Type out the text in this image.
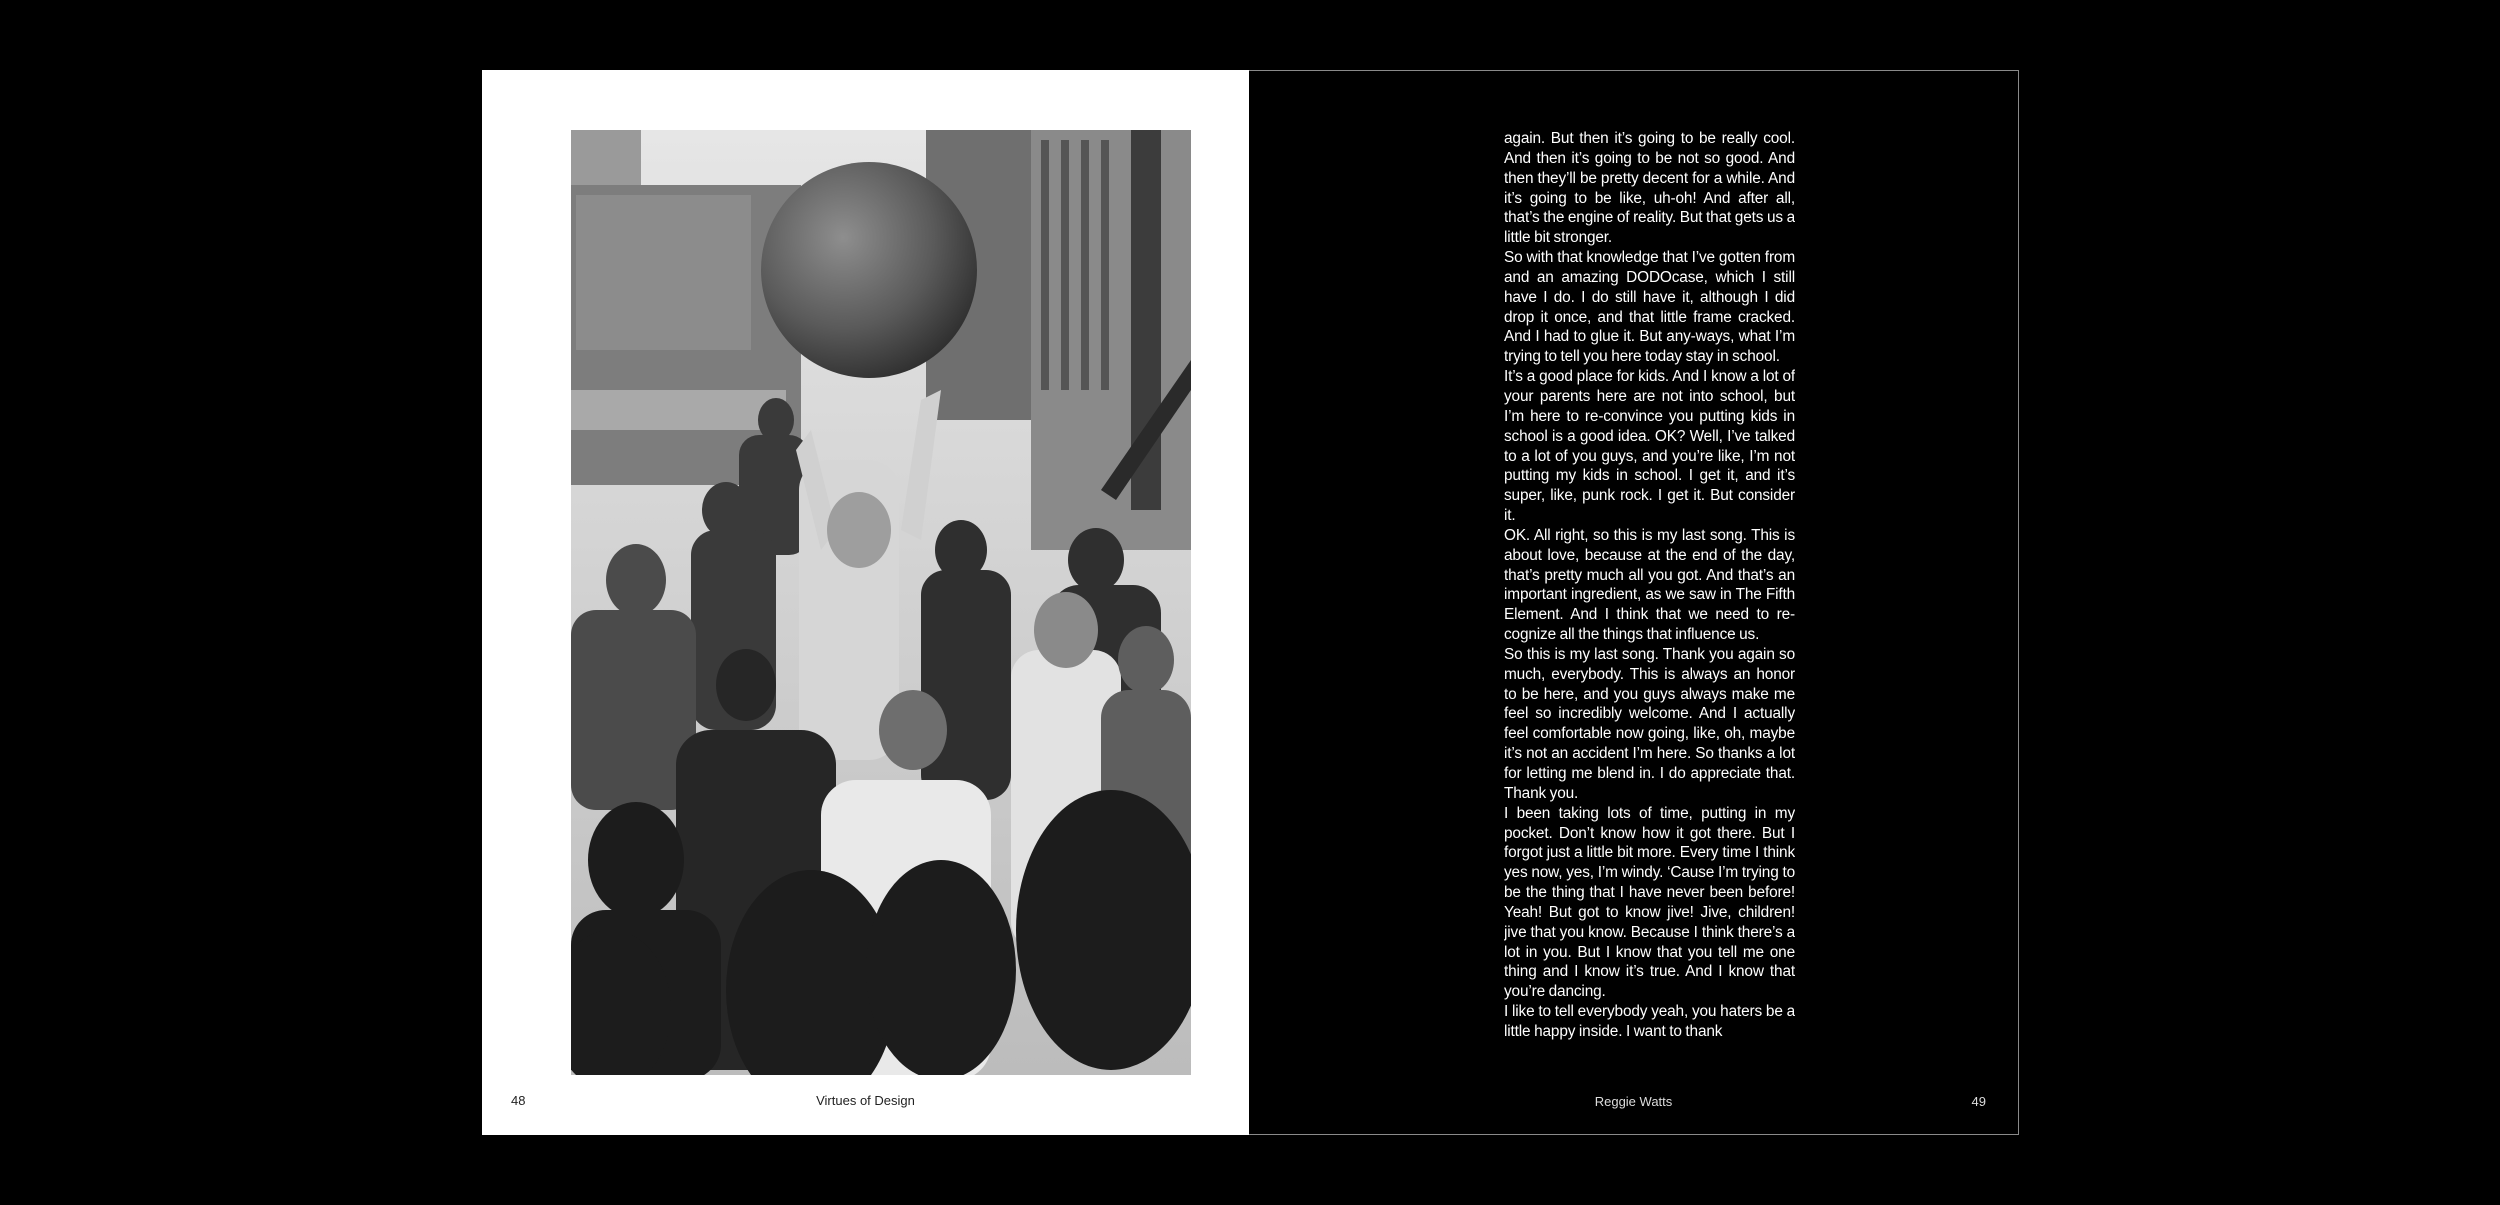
48	Virtues of Design

again. But then it’s going to be really cool. And then it’s going to be not so good. And then they’ll be pretty decent for a while. And it’s going to be like, uh-oh! And after all, that’s the engine of reality. But that gets us a little bit stronger.

So with that knowledge that I’ve gotten from and an amazing DODOcase, which I still have I do. I do still have it, although I did drop it once, and that little frame cracked. And I had to glue it. But any-ways, what I’m trying to tell you here today stay in school.

It’s a good place for kids. And I know a lot of your parents here are not into school, but I’m here to re-convince you putting kids in school is a good idea. OK? Well, I’ve talked to a lot of you guys, and you’re like, I’m not putting my kids in school. I get it, and it’s super, like, punk rock. I get it. But consider it.

OK. All right, so this is my last song. This is about love, because at the end of the day, that’s pretty much all you got. And that’s an important ingredient, as we saw in The Fifth Element. And I think that we need to re-cognize all the things that influence us.

So this is my last song. Thank you again so much, everybody. This is always an honor to be here, and you guys always make me feel so incredibly welcome. And I actually feel comfortable now going, like, oh, maybe it’s not an accident I’m here. So thanks a lot for letting me blend in. I do appreciate that. Thank you.

I been taking lots of time, putting in my pocket. Don’t know how it got there. But I forgot just a little bit more. Every time I think yes now, yes, I’m windy. ‘Cause I’m trying to be the thing that I have never been before! Yeah! But got to know jive! Jive, children! jive that you know. Because I think there’s a lot in you. But I know that you tell me one thing and I know it’s true. And I know that you’re dancing.

I like to tell everybody yeah, you haters be a little happy inside. I want to thank

Reggie Watts	49
